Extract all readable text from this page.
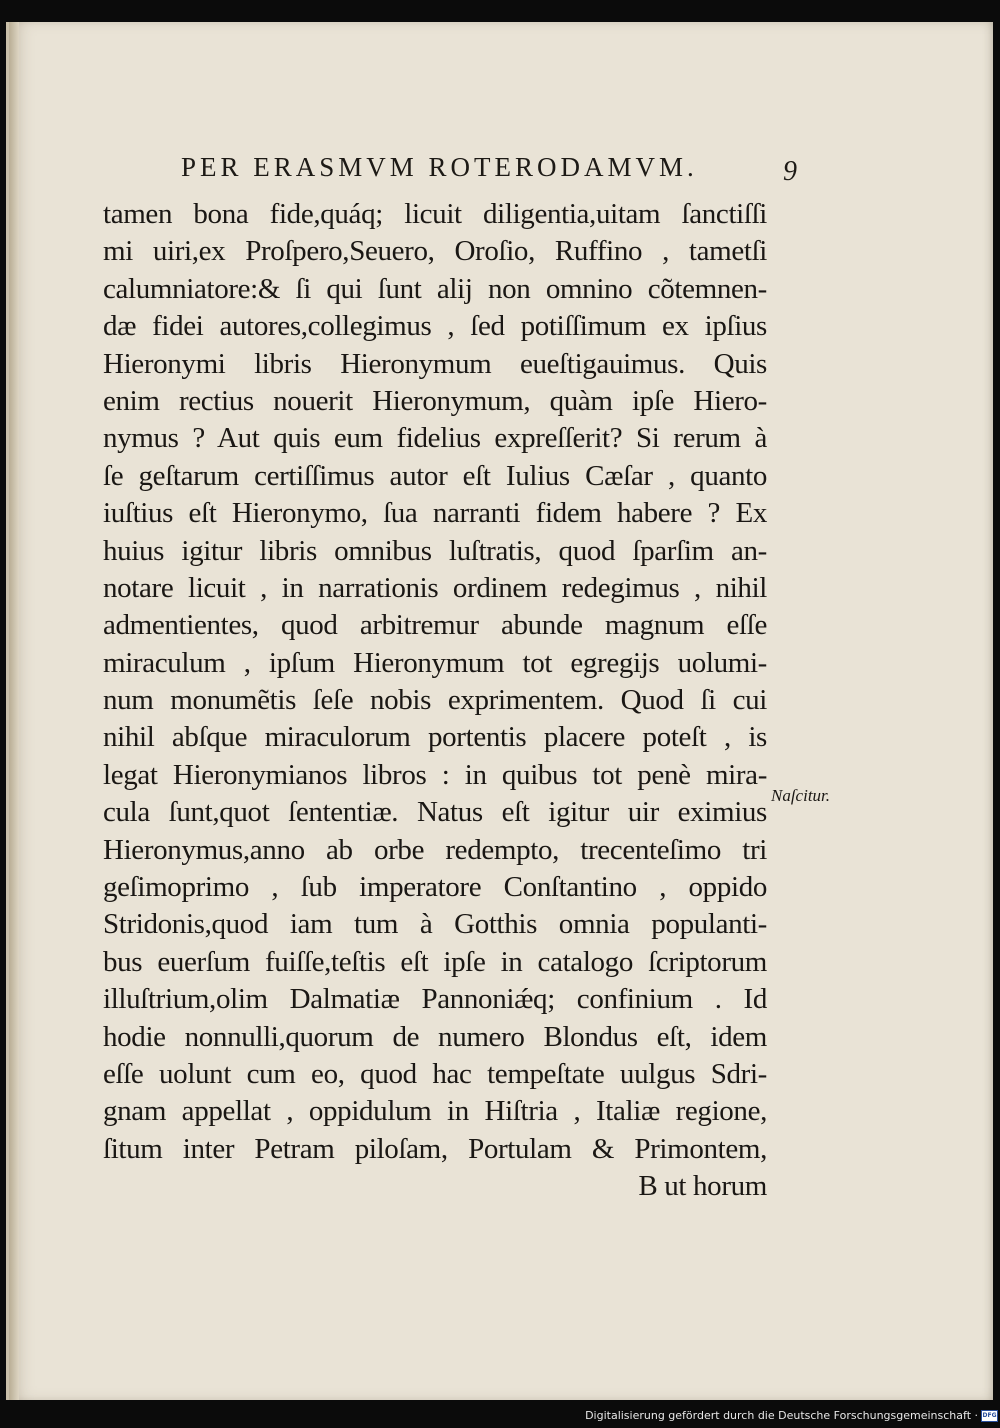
PER ERASMVM ROTERODAMVM.	9
tamen bona fide,quáq; licuit diligentia,uitam ſanctiſſi
mi uiri,ex Proſpero,Seuero, Oroſio, Ruffino , tametſi
calumniatore:& ſi qui ſunt alij non omnino cõtemnen-
dæ fidei autores,collegimus , ſed potiſſimum ex ipſius
Hieronymi libris Hieronymum eueſtigauimus. Quis
enim rectius nouerit Hieronymum, quàm ipſe Hiero-
nymus ? Aut quis eum fidelius expreſſerit? Si rerum à
ſe geſtarum certiſſimus autor eſt Iulius Cæſar , quanto
iuſtius eſt Hieronymo, ſua narranti fidem habere ? Ex
huius igitur libris omnibus luſtratis, quod ſparſim an-
notare licuit , in narrationis ordinem redegimus , nihil
admentientes, quod arbitremur abunde magnum eſſe
miraculum , ipſum Hieronymum tot egregijs uolumi-
num monumẽtis ſeſe nobis exprimentem. Quod ſi cui
nihil abſque miraculorum portentis placere poteſt , is
legat Hieronymianos libros : in quibus tot penè mira-
cula ſunt,quot ſententiæ. Natus eſt igitur uir eximius
Hieronymus,anno ab orbe redempto, trecenteſimo tri
geſimoprimo , ſub imperatore Conſtantino , oppido
Stridonis,quod iam tum à Gotthis omnia populanti-
bus euerſum fuiſſe,teſtis eſt ipſe in catalogo ſcriptorum
illuſtrium,olim Dalmatiæ Pannoniǽq; confinium . Id
hodie nonnulli,quorum de numero Blondus eſt, idem
eſſe uolunt cum eo, quod hac tempeſtate uulgus Sdri-
gnam appellat , oppidulum in Hiſtria , Italiæ regione,
ſitum inter Petram piloſam, Portulam & Primontem,
B ut horum
Naſcitur.
Digitalisierung gefördert durch die Deutsche Forschungsgemeinschaft · DFG
